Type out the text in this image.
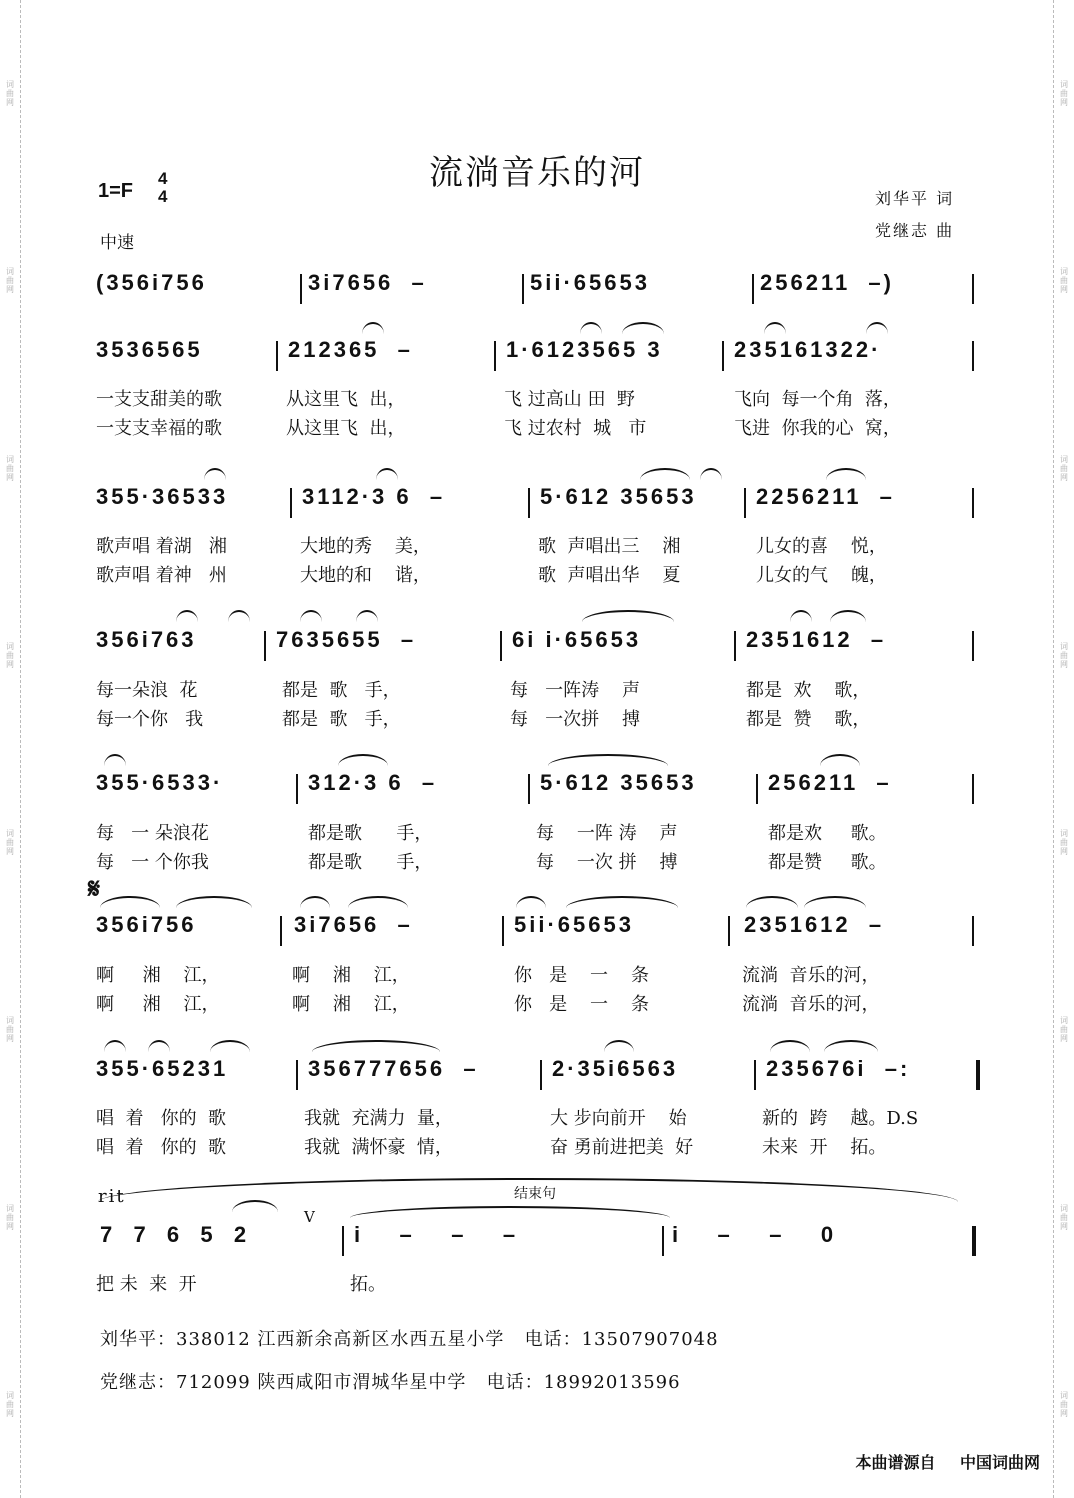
词曲网
词曲网
词曲网
词曲网
词曲网
词曲网
词曲网
词曲网
词曲网
词曲网
词曲网
词曲网
词曲网
词曲网
词曲网
词曲网
流淌音乐的河
1=F
4
4
中速
刘华平 词
党继志 曲
(356i756	3i7656  –	5ii·65653	256211  –)
3536565	212365  –	1·6123565 3	235161322·
一支支甜美的歌	从这里飞  出，	飞 过高山 田  野	飞向  每一个角  落，
一支支幸福的歌	从这里飞  出，	飞 过农村  城   市	飞进  你我的心  窝，
355·36533	3112·3 6  –	5·612 35653	2256211  –
歌声唱 着湖   湘	大地的秀    美，	歌  声唱出三    湘	儿女的喜    悦，
歌声唱 着神   州	大地的和    谐，	歌  声唱出华    夏	儿女的气    魄，
356i763	7635655  –	6i i·65653	2351612  –
每一朵浪  花	都是  歌   手，	每   一阵涛    声	都是  欢    歌，
每一个你   我	都是  歌   手，	每   一次拼    搏	都是  赞    歌，
355·6533·	312·3 6  –	5·612 35653	256211  –
每   一 朵浪花	都是歌      手，	每    一阵 涛    声	都是欢     歌。
每   一 个你我	都是歌      手，	每    一次 拼    搏	都是赞     歌。
𝄋
356i756	3i7656  –	5ii·65653	2351612  –
啊     湘    江，	啊    湘    江，	你   是    一    条	流淌  音乐的河，
啊     湘    江，	啊    湘    江，	你   是    一    条	流淌  音乐的河，
355·65231	356777656  –	2·35i6563	235676i  –:
唱  着   你的  歌	我就  充满力  量，	大 步向前开    始	新的  跨    越。D.S
唱  着   你的  歌	我就  满怀豪  情，	奋 勇前进把美  好	未来  开    拓。
结束句
rit
V
7  7  6  5  2	i    –    –    –	i    –    –    0
把 未  来  开	拓。
刘华平：338012 江西新余高新区水西五星小学   电话：13507907048
党继志：712099 陕西咸阳市渭城华星中学   电话：18992013596
本曲谱源自 中国词曲网
